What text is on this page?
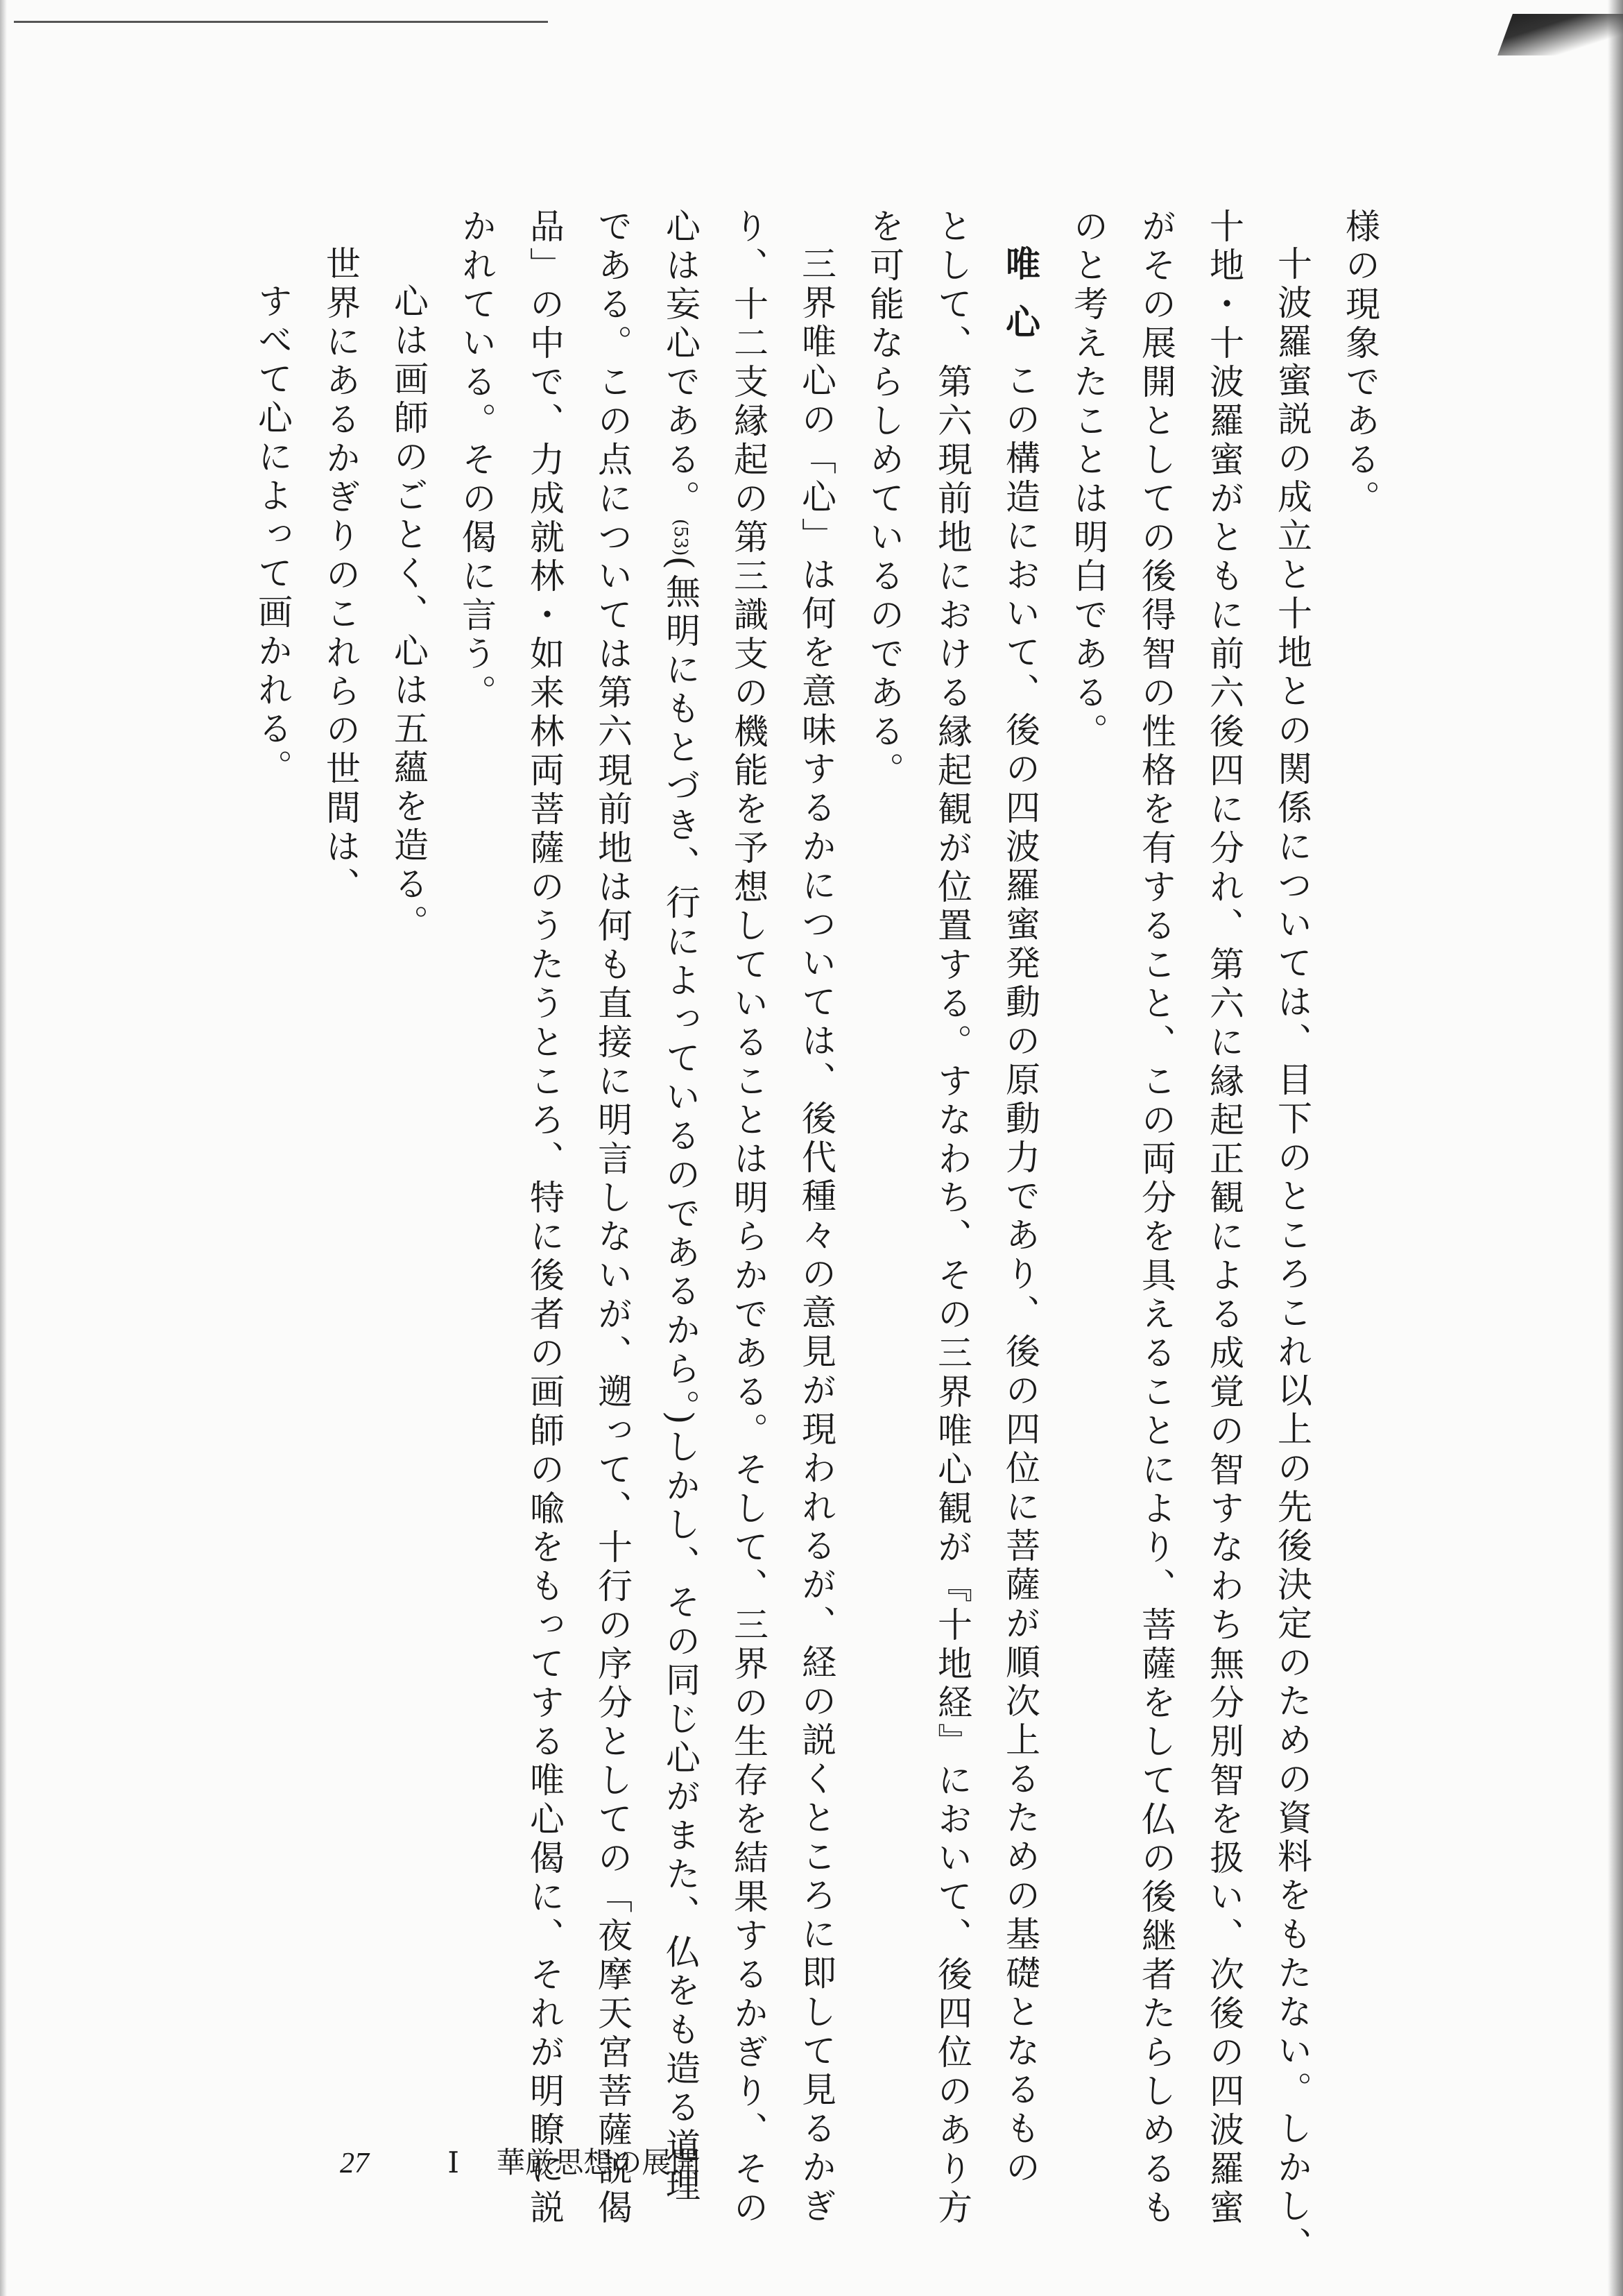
様の現象である。
十波羅蜜説の成立と十地との関係については、目下のところこれ以上の先後決定のための資料をもたない。しかし、
十地・十波羅蜜がともに前六後四に分れ、第六に縁起正観による成覚の智すなわち無分別智を扱い、次後の四波羅蜜
がその展開としての後得智の性格を有すること、この両分を具えることにより、菩薩をして仏の後継者たらしめるも
のと考えたことは明白である。
唯心この構造において、後の四波羅蜜発動の原動力であり、後の四位に菩薩が順次上るための基礎となるもの
として、第六現前地における縁起観が位置する。すなわち、その三界唯心観が『十地経』において、後四位のあり方
を可能ならしめているのである。
三界唯心の「心」は何を意味するかについては、後代種々の意見が現われるが、経の説くところに即して見るかぎ
り、十二支縁起の第三識支の機能を予想していることは明らかである。そして、三界の生存を結果するかぎり、その
心は妄心である。(53)(無明にもとづき、行によっているのであるから。)しかし、その同じ心がまた、仏をも造る道理
である。この点については第六現前地は何も直接に明言しないが、遡って、十行の序分としての「夜摩天宮菩薩説偈
品」の中で、力成就林・如来林両菩薩のうたうところ、特に後者の画師の喩をもってする唯心偈に、それが明瞭に説
かれている。その偈に言う。
心は画師のごとく、心は五蘊を造る。
世界にあるかぎりのこれらの世間は、
すべて心によって画かれる。
27	I 華厳思想の展開
